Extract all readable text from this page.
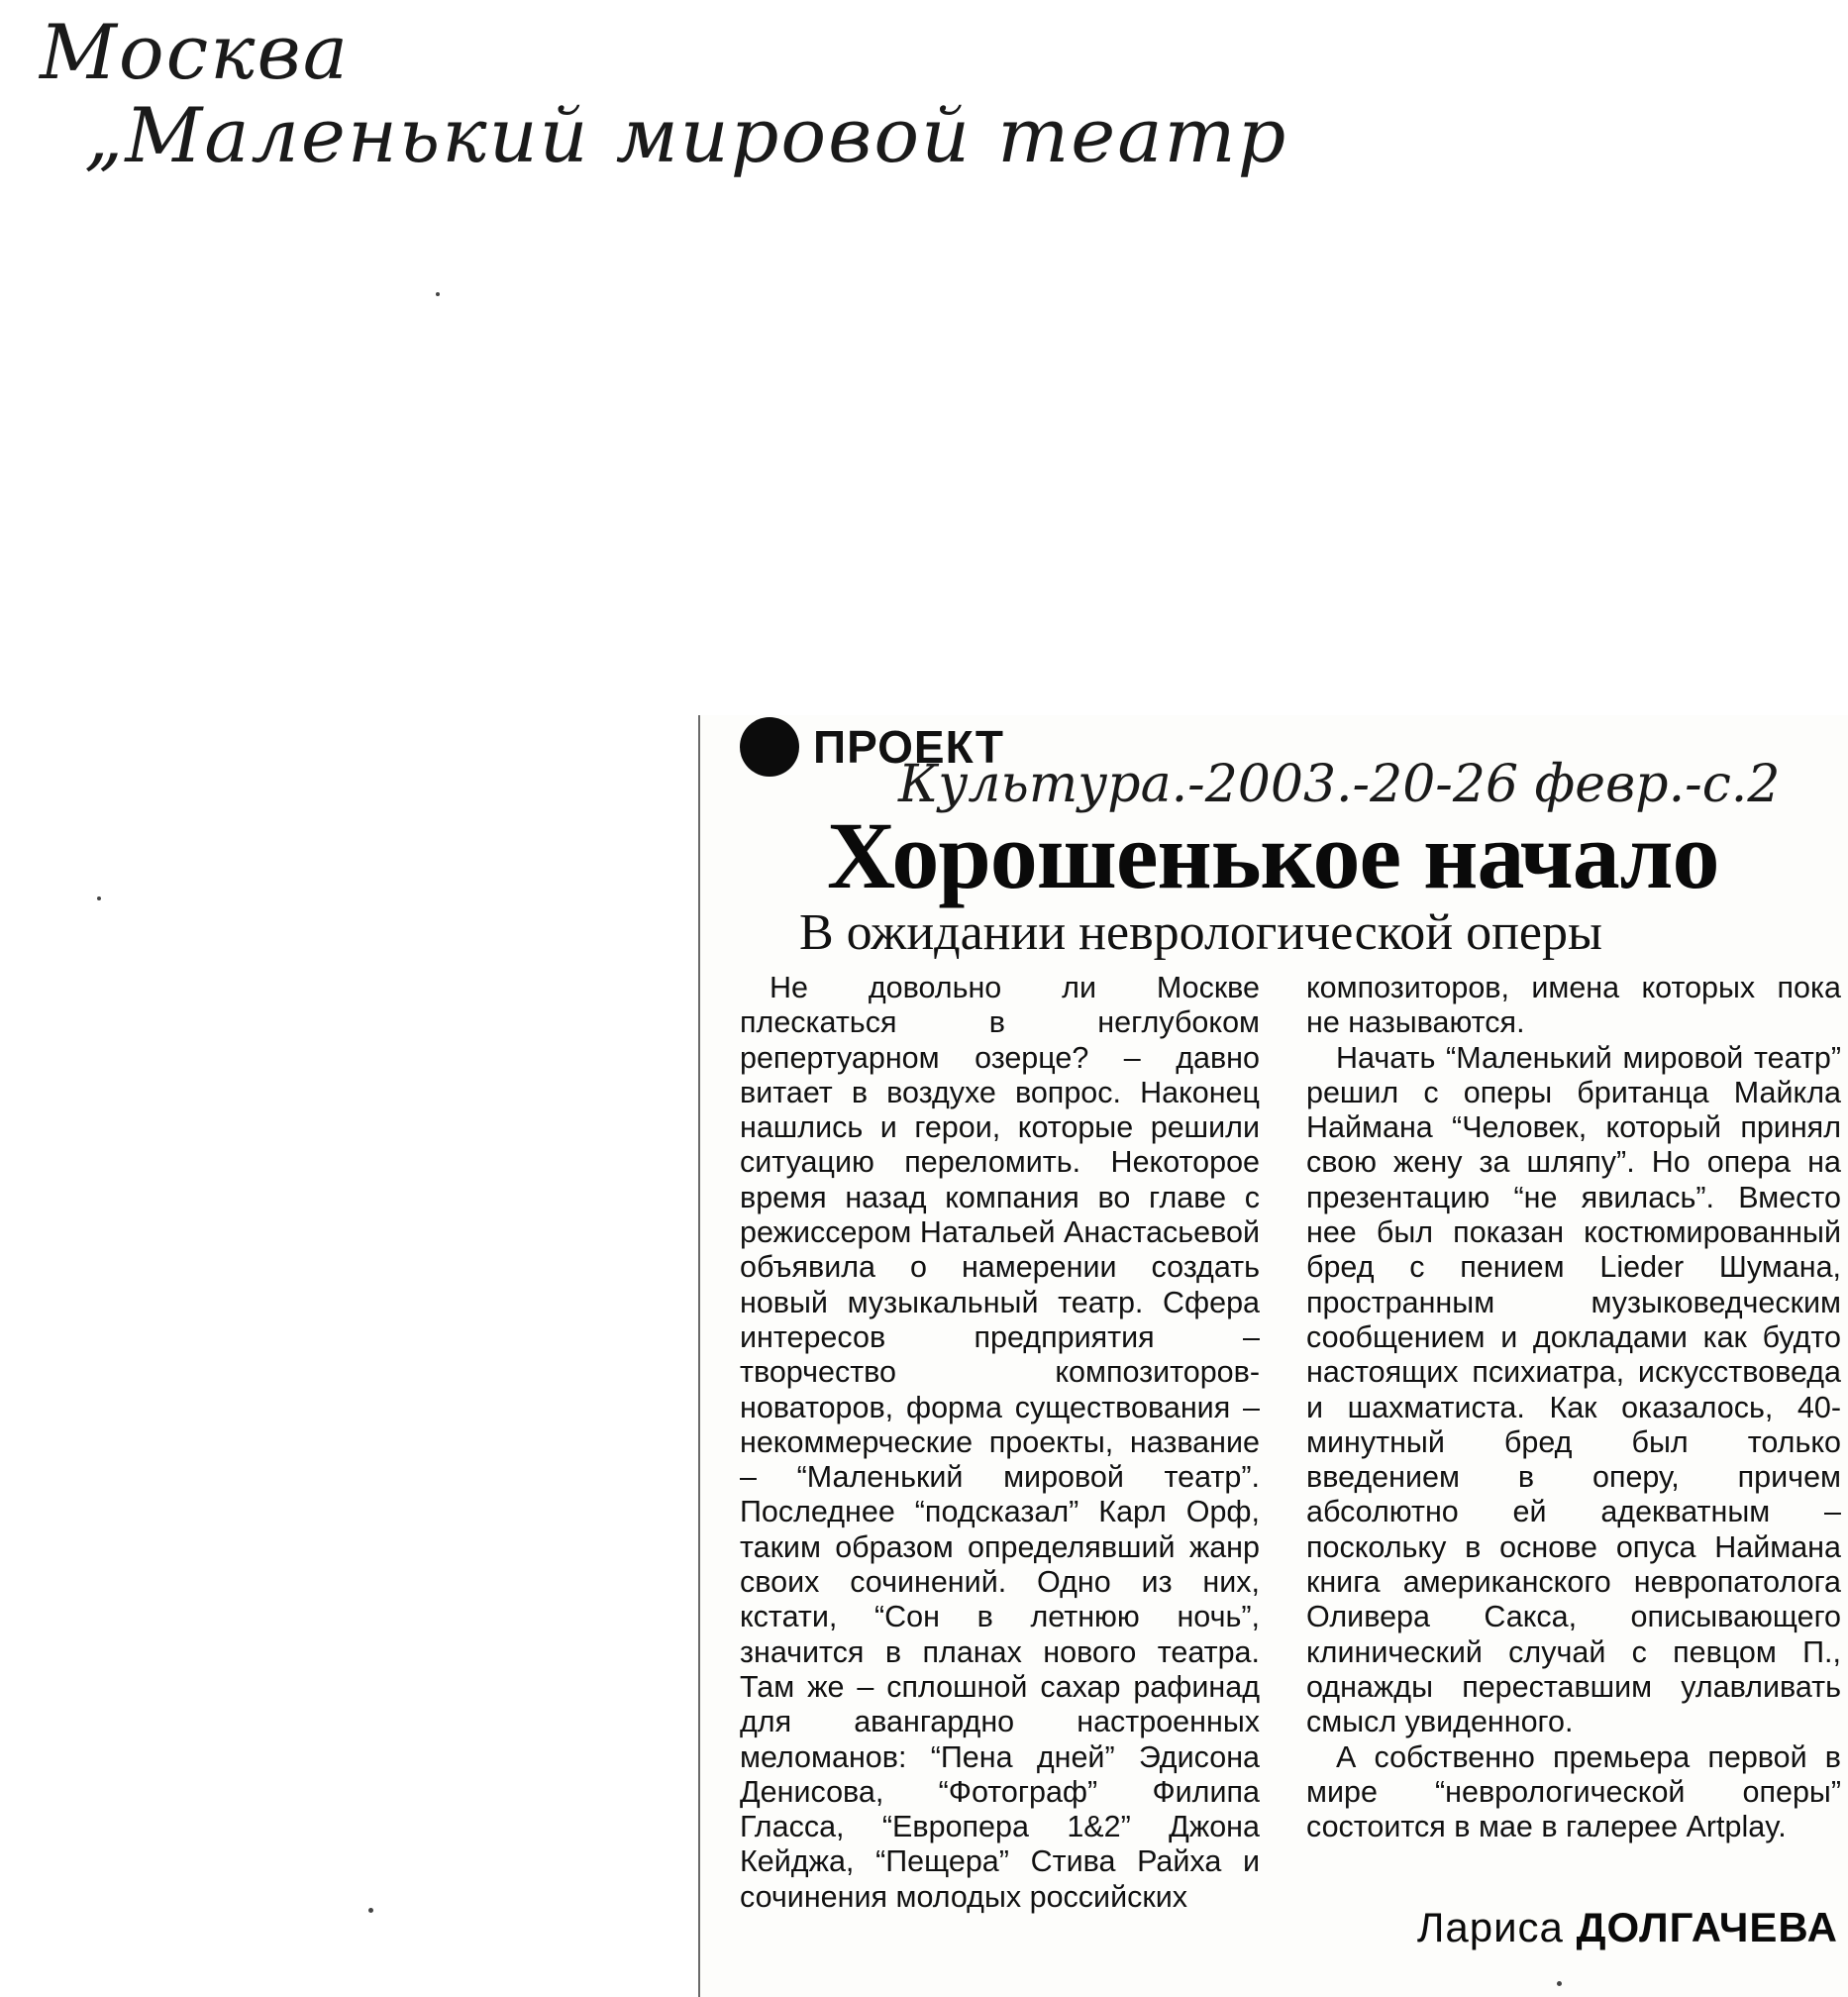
Москва
„Маленький мировой театр
ПРОЕКТ
Культура.-2003.-20-26 февр.-с.2
Хорошенькое начало
В ожидании неврологической оперы

Не довольно ли Москве плескаться в неглубоком репертуарном озерце? – давно витает в воздухе вопрос. Наконец нашлись и герои, которые решили ситуацию переломить. Некоторое время назад компания во главе с режиссером Натальей Анастасьевой объявила о намерении создать новый музыкальный театр. Сфера интересов предприятия – творчество композиторов-новаторов, форма существования – некоммерческие проекты, название – “Маленький мировой театр”. Последнее “подсказал” Карл Орф, таким образом определявший жанр своих сочинений. Одно из них, кстати, “Сон в летнюю ночь”, значится в планах нового театра. Там же – сплошной сахар рафинад для авангардно настроенных меломанов: “Пена дней” Эдисона Денисова, “Фотограф” Филипа Гласса, “Европера 1&2” Джона Кейджа, “Пещера” Стива Райха и сочинения молодых российских

композиторов, имена которых пока не называются.

Начать “Маленький мировой театр” решил с оперы британца Майкла Наймана “Человек, который принял свою жену за шляпу”. Но опера на презентацию “не явилась”. Вместо нее был показан костюмированный бред с пением Lieder Шумана, пространным музыковедческим сообщением и докладами как будто настоящих психиатра, искусствоведа и шахматиста. Как оказалось, 40-минутный бред был только введением в оперу, причем абсолютно ей адекватным – поскольку в основе опуса Наймана книга американского невропатолога Оливера Сакса, описывающего клинический случай с певцом П., однажды переставшим улавливать смысл увиденного.

А собственно премьера первой в мире “неврологической оперы” состоится в мае в галерее Artplay.

Лариса ДОЛГАЧЕВА
